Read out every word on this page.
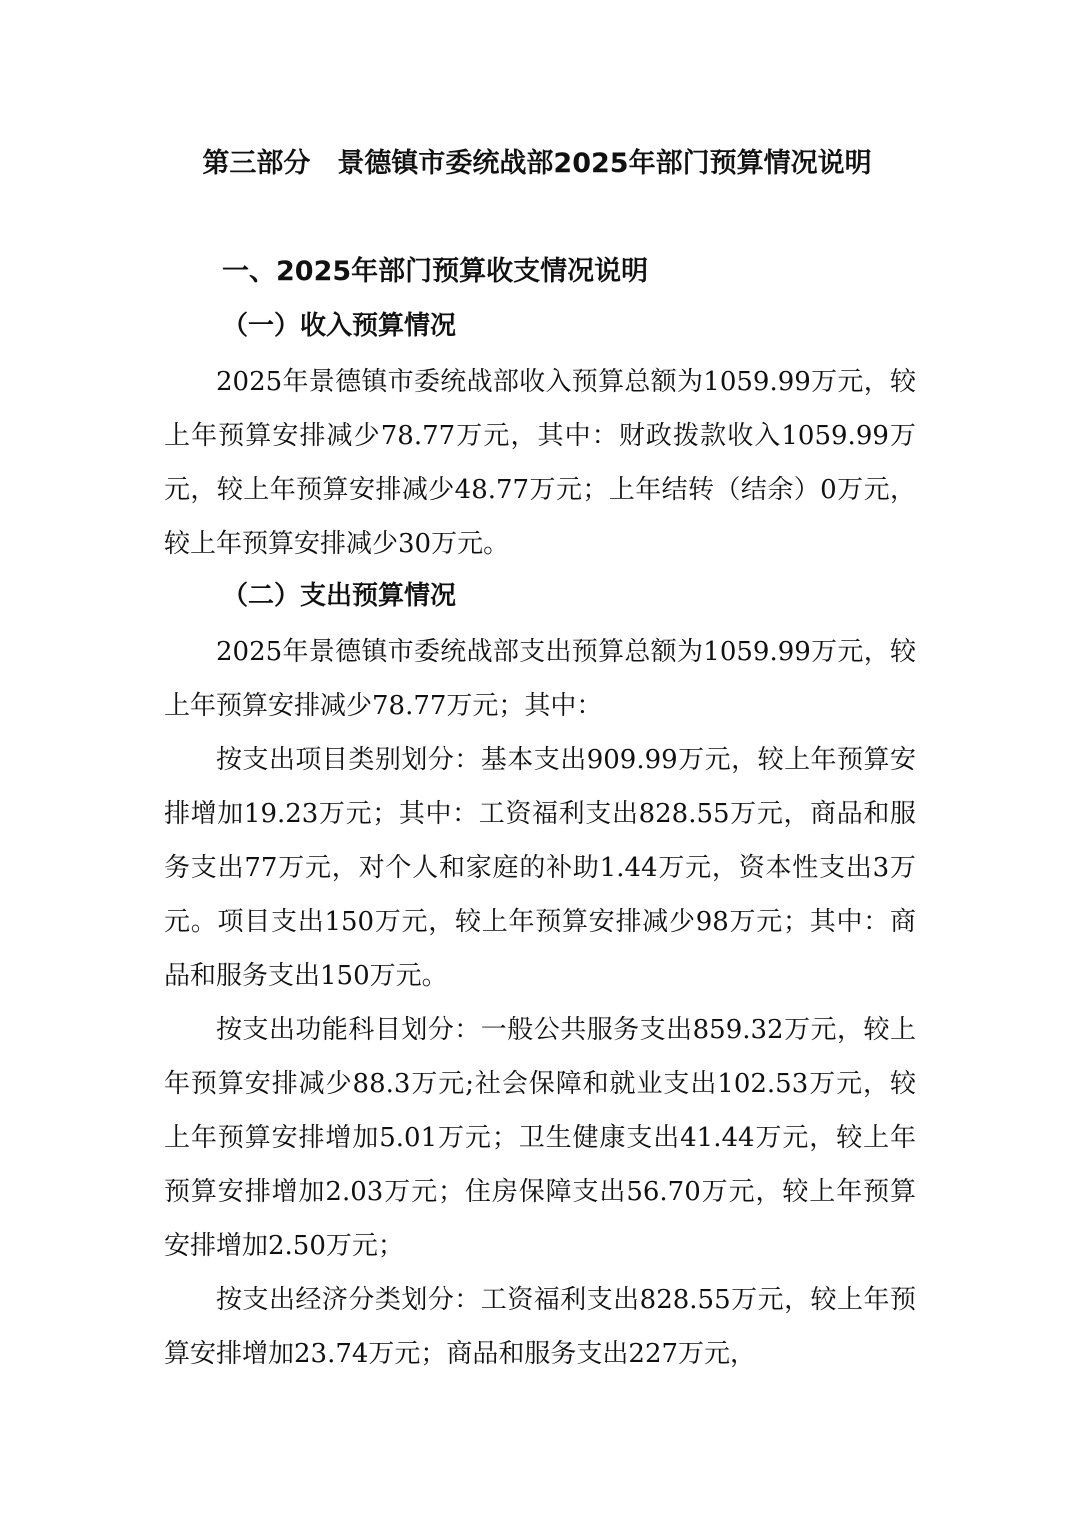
第三部分　景德镇市委统战部2025年部门预算情况说明
一、2025年部门预算收支情况说明
（一）收入预算情况

2025年景德镇市委统战部收入预算总额为1059.99万元，较上年预算安排减少78.77万元，其中：财政拨款收入1059.99万元，较上年预算安排减少48.77万元；上年结转（结余）0万元，较上年预算安排减少30万元。

（二）支出预算情况

2025年景德镇市委统战部支出预算总额为1059.99万元，较上年预算安排减少78.77万元；其中：

按支出项目类别划分：基本支出909.99万元，较上年预算安排增加19.23万元；其中：工资福利支出828.55万元，商品和服务支出77万元，对个人和家庭的补助1.44万元，资本性支出3万元。项目支出150万元，较上年预算安排减少98万元；其中：商品和服务支出150万元。

按支出功能科目划分：一般公共服务支出859.32万元，较上年预算安排减少88.3万元;社会保障和就业支出102.53万元，较上年预算安排增加5.01万元；卫生健康支出41.44万元，较上年预算安排增加2.03万元；住房保障支出56.70万元，较上年预算安排增加2.50万元；

按支出经济分类划分：工资福利支出828.55万元，较上年预算安排增加23.74万元；商品和服务支出227万元，
